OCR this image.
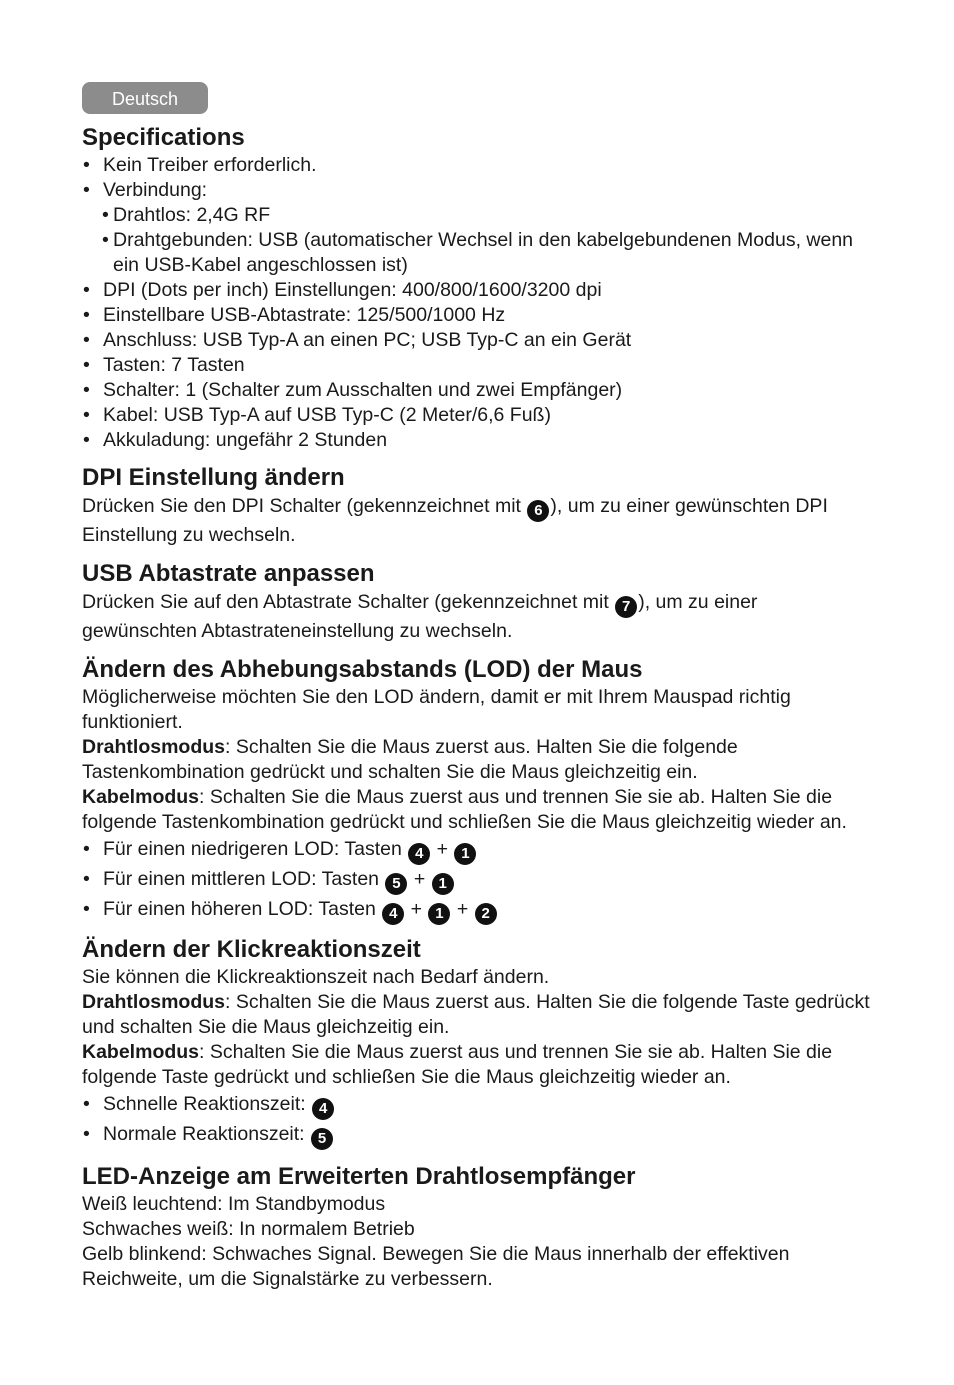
Deutsch
Specifications
• Kein Treiber erforderlich.
• Verbindung:
• Drahtlos: 2,4G RF
• Drahtgebunden: USB (automatischer Wechsel in den kabelgebundenen Modus, wenn ein USB-Kabel angeschlossen ist)
• DPI (Dots per inch) Einstellungen: 400/800/1600/3200 dpi
• Einstellbare USB-Abtastrate: 125/500/1000 Hz
• Anschluss: USB Typ-A an einen PC; USB Typ-C an ein Gerät
• Tasten: 7 Tasten
• Schalter: 1 (Schalter zum Ausschalten und zwei Empfänger)
• Kabel: USB Typ-A auf USB Typ-C (2 Meter/6,6 Fuß)
• Akkuladung: ungefähr 2 Stunden
DPI Einstellung ändern

Drücken Sie den DPI Schalter (gekennzeichnet mit 6 ), um zu einer gewünschten DPI Einstellung zu wechseln.

USB Abtastrate anpassen

Drücken Sie auf den Abtastrate Schalter (gekennzeichnet mit 7 ), um zu einer gewünschten Abtastrateneinstellung zu wechseln.

Ändern des Abhebungsabstands (LOD) der Maus

Möglicherweise möchten Sie den LOD ändern, damit er mit Ihrem Mauspad richtig funktioniert.

Drahtlosmodus: Schalten Sie die Maus zuerst aus. Halten Sie die folgende Tastenkombination gedrückt und schalten Sie die Maus gleichzeitig ein.

Kabelmodus: Schalten Sie die Maus zuerst aus und trennen Sie sie ab. Halten Sie die folgende Tastenkombination gedrückt und schließen Sie die Maus gleichzeitig wieder an.

• Für einen niedrigeren LOD: Tasten 4 + 1
• Für einen mittleren LOD: Tasten 5 + 1
• Für einen höheren LOD: Tasten 4 + 1 + 2
Ändern der Klickreaktionszeit

Sie können die Klickreaktionszeit nach Bedarf ändern.

Drahtlosmodus: Schalten Sie die Maus zuerst aus. Halten Sie die folgende Taste gedrückt und schalten Sie die Maus gleichzeitig ein.

Kabelmodus: Schalten Sie die Maus zuerst aus und trennen Sie sie ab. Halten Sie die folgende Taste gedrückt und schließen Sie die Maus gleichzeitig wieder an.

• Schnelle Reaktionszeit: 4
• Normale Reaktionszeit: 5
LED-Anzeige am Erweiterten Drahtlosempfänger

Weiß leuchtend: Im Standbymodus

Schwaches weiß: In normalem Betrieb

Gelb blinkend: Schwaches Signal. Bewegen Sie die Maus innerhalb der effektiven Reichweite, um die Signalstärke zu verbessern.
